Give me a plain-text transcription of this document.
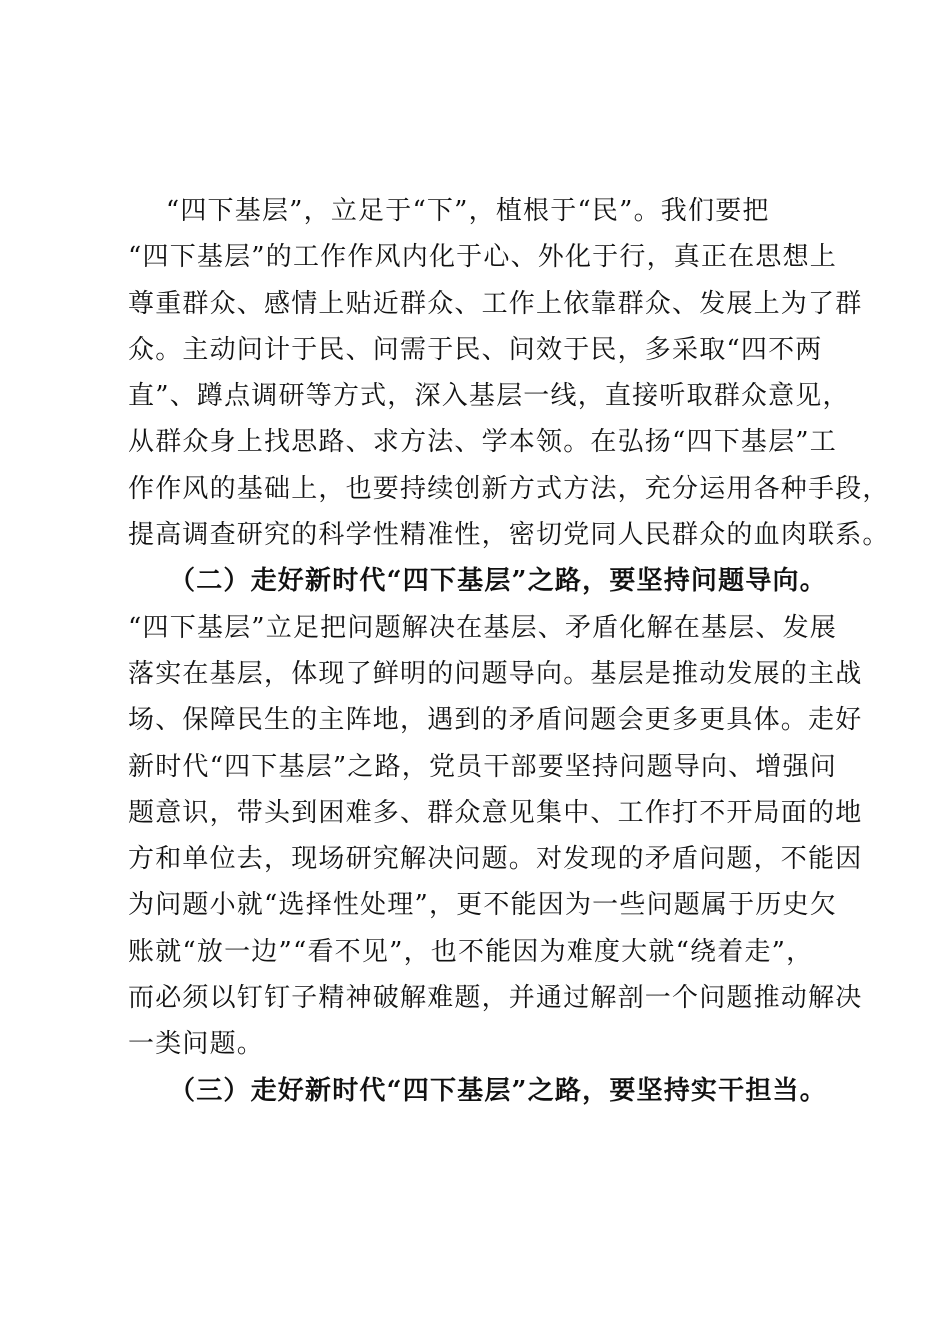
“四下基层”，立足于“下”，植根于“民”。我们要把
“四下基层”的工作作风内化于心、外化于行，真正在思想上
尊重群众、感情上贴近群众、工作上依靠群众、发展上为了群
众。主动问计于民、问需于民、问效于民，多采取“四不两
直”、蹲点调研等方式，深入基层一线，直接听取群众意见，
从群众身上找思路、求方法、学本领。在弘扬“四下基层”工
作作风的基础上，也要持续创新方式方法，充分运用各种手段，
提高调查研究的科学性精准性，密切党同人民群众的血肉联系。
（二）走好新时代“四下基层”之路，要坚持问题导向。
“四下基层”立足把问题解决在基层、矛盾化解在基层、发展
落实在基层，体现了鲜明的问题导向。基层是推动发展的主战
场、保障民生的主阵地，遇到的矛盾问题会更多更具体。走好
新时代“四下基层”之路，党员干部要坚持问题导向、增强问
题意识，带头到困难多、群众意见集中、工作打不开局面的地
方和单位去，现场研究解决问题。对发现的矛盾问题，不能因
为问题小就“选择性处理”，更不能因为一些问题属于历史欠
账就“放一边”“看不见”，也不能因为难度大就“绕着走”，
而必须以钉钉子精神破解难题，并通过解剖一个问题推动解决
一类问题。
（三）走好新时代“四下基层”之路，要坚持实干担当。
